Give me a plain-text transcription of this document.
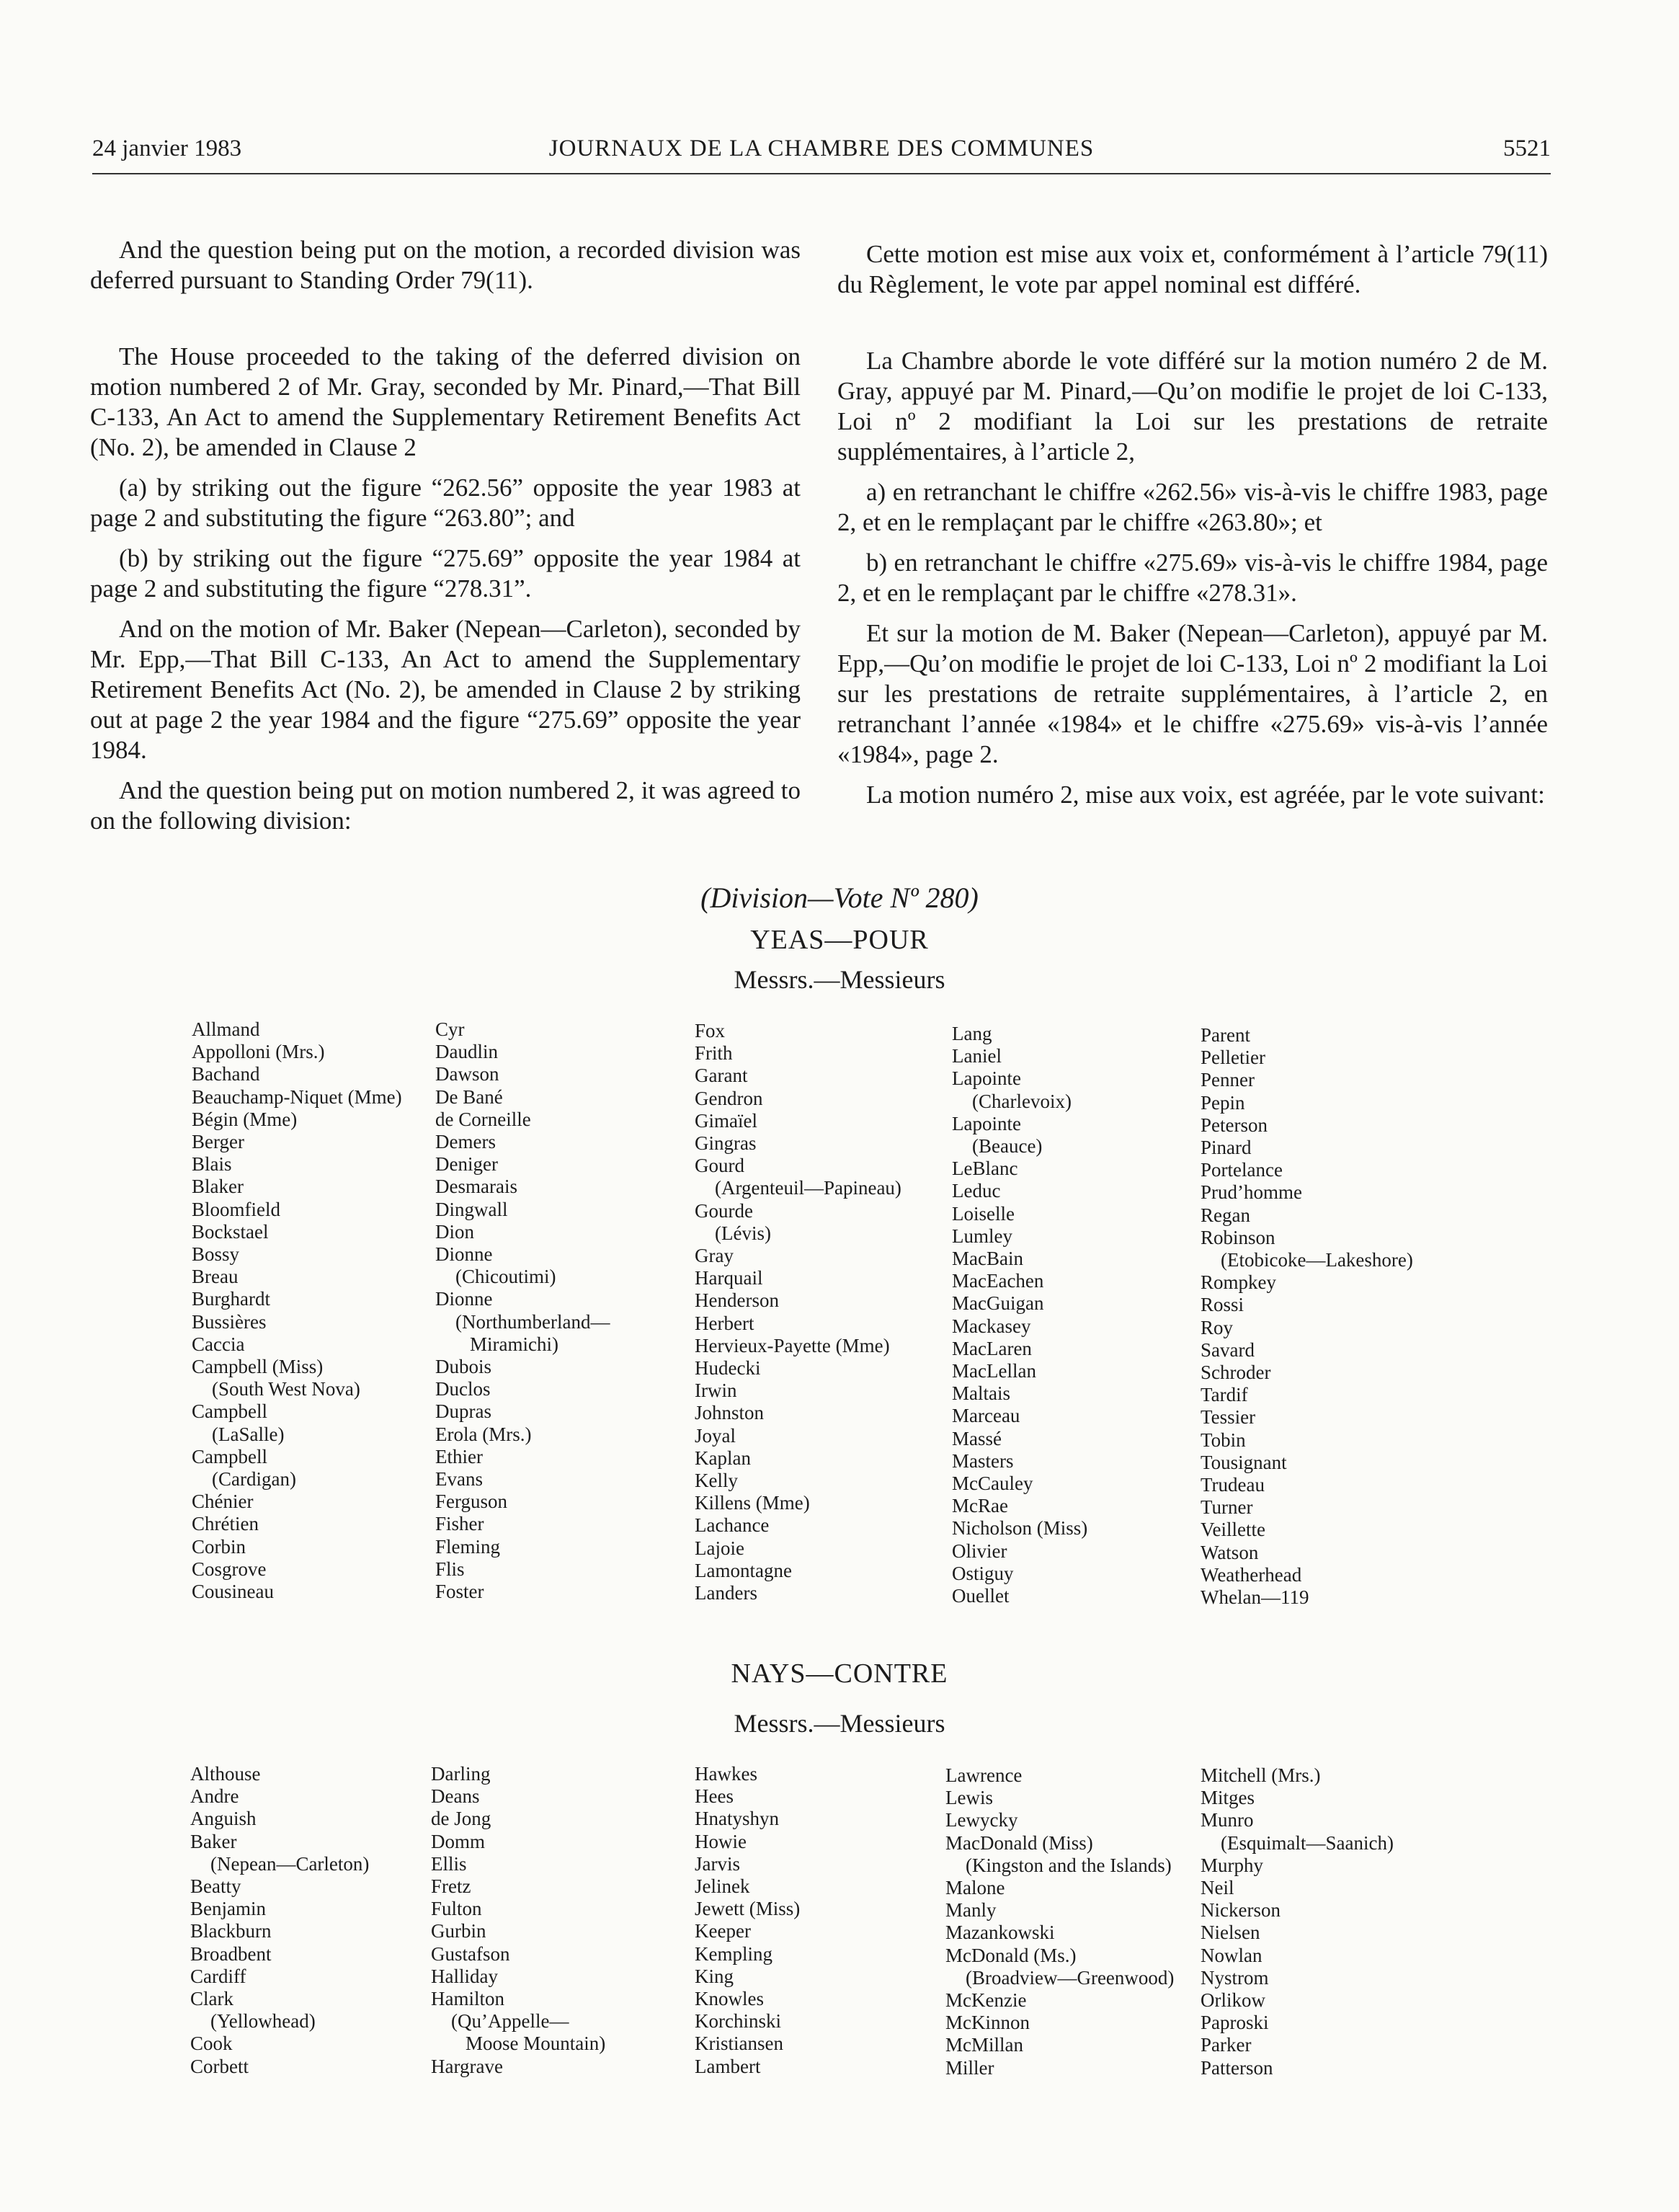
24 janvier 1983	JOURNAUX DE LA CHAMBRE DES COMMUNES	5521

And the question being put on the motion, a recorded division was deferred pursuant to Standing Order 79(11).

The House proceeded to the taking of the deferred division on motion numbered 2 of Mr. Gray, seconded by Mr. Pinard,—That Bill C-133, An Act to amend the Supplementary Retirement Benefits Act (No. 2), be amended in Clause 2

(a) by striking out the figure “262.56” opposite the year 1983 at page 2 and substituting the figure “263.80”; and

(b) by striking out the figure “275.69” opposite the year 1984 at page 2 and substituting the figure “278.31”.

And on the motion of Mr. Baker (Nepean—Carleton), seconded by Mr. Epp,—That Bill C-133, An Act to amend the Supplementary Retirement Benefits Act (No. 2), be amended in Clause 2 by striking out at page 2 the year 1984 and the figure “275.69” opposite the year 1984.

And the question being put on motion numbered 2, it was agreed to on the following division:

Cette motion est mise aux voix et, conformément à l’article 79(11) du Règlement, le vote par appel nominal est différé.

La Chambre aborde le vote différé sur la motion numéro 2 de M. Gray, appuyé par M. Pinard,—Qu’on modifie le projet de loi C-133, Loi nº 2 modifiant la Loi sur les prestations de retraite supplémentaires, à l’article 2,

a) en retranchant le chiffre «262.56» vis-à-vis le chiffre 1983, page 2, et en le remplaçant par le chiffre «263.80»; et

b) en retranchant le chiffre «275.69» vis-à-vis le chiffre 1984, page 2, et en le remplaçant par le chiffre «278.31».

Et sur la motion de M. Baker (Nepean—Carleton), appuyé par M. Epp,—Qu’on modifie le projet de loi C-133, Loi nº 2 modifiant la Loi sur les prestations de retraite supplémentaires, à l’article 2, en retranchant l’année «1984» et le chiffre «275.69» vis-à-vis l’année «1984», page 2.

La motion numéro 2, mise aux voix, est agréée, par le vote suivant:

(Division—Vote Nº 280)
YEAS—POUR
Messrs.—Messieurs
Allmand
Appolloni (Mrs.)
Bachand
Beauchamp-Niquet (Mme)
Bégin (Mme)
Berger
Blais
Blaker
Bloomfield
Bockstael
Bossy
Breau
Burghardt
Bussières
Caccia
Campbell (Miss)
(South West Nova)
Campbell
(LaSalle)
Campbell
(Cardigan)
Chénier
Chrétien
Corbin
Cosgrove
Cousineau
Cyr
Daudlin
Dawson
De Bané
de Corneille
Demers
Deniger
Desmarais
Dingwall
Dion
Dionne
(Chicoutimi)
Dionne
(Northumberland—
Miramichi)
Dubois
Duclos
Dupras
Erola (Mrs.)
Ethier
Evans
Ferguson
Fisher
Fleming
Flis
Foster
Fox
Frith
Garant
Gendron
Gimaïel
Gingras
Gourd
(Argenteuil—Papineau)
Gourde
(Lévis)
Gray
Harquail
Henderson
Herbert
Hervieux-Payette (Mme)
Hudecki
Irwin
Johnston
Joyal
Kaplan
Kelly
Killens (Mme)
Lachance
Lajoie
Lamontagne
Landers
Lang
Laniel
Lapointe
(Charlevoix)
Lapointe
(Beauce)
LeBlanc
Leduc
Loiselle
Lumley
MacBain
MacEachen
MacGuigan
Mackasey
MacLaren
MacLellan
Maltais
Marceau
Massé
Masters
McCauley
McRae
Nicholson (Miss)
Olivier
Ostiguy
Ouellet
Parent
Pelletier
Penner
Pepin
Peterson
Pinard
Portelance
Prud’homme
Regan
Robinson
(Etobicoke—Lakeshore)
Rompkey
Rossi
Roy
Savard
Schroder
Tardif
Tessier
Tobin
Tousignant
Trudeau
Turner
Veillette
Watson
Weatherhead
Whelan—119
NAYS—CONTRE
Messrs.—Messieurs
Althouse
Andre
Anguish
Baker
(Nepean—Carleton)
Beatty
Benjamin
Blackburn
Broadbent
Cardiff
Clark
(Yellowhead)
Cook
Corbett
Darling
Deans
de Jong
Domm
Ellis
Fretz
Fulton
Gurbin
Gustafson
Halliday
Hamilton
(Qu’Appelle—
Moose Mountain)
Hargrave
Hawkes
Hees
Hnatyshyn
Howie
Jarvis
Jelinek
Jewett (Miss)
Keeper
Kempling
King
Knowles
Korchinski
Kristiansen
Lambert
Lawrence
Lewis
Lewycky
MacDonald (Miss)
(Kingston and the Islands)
Malone
Manly
Mazankowski
McDonald (Ms.)
(Broadview—Greenwood)
McKenzie
McKinnon
McMillan
Miller
Mitchell (Mrs.)
Mitges
Munro
(Esquimalt—Saanich)
Murphy
Neil
Nickerson
Nielsen
Nowlan
Nystrom
Orlikow
Paproski
Parker
Patterson
